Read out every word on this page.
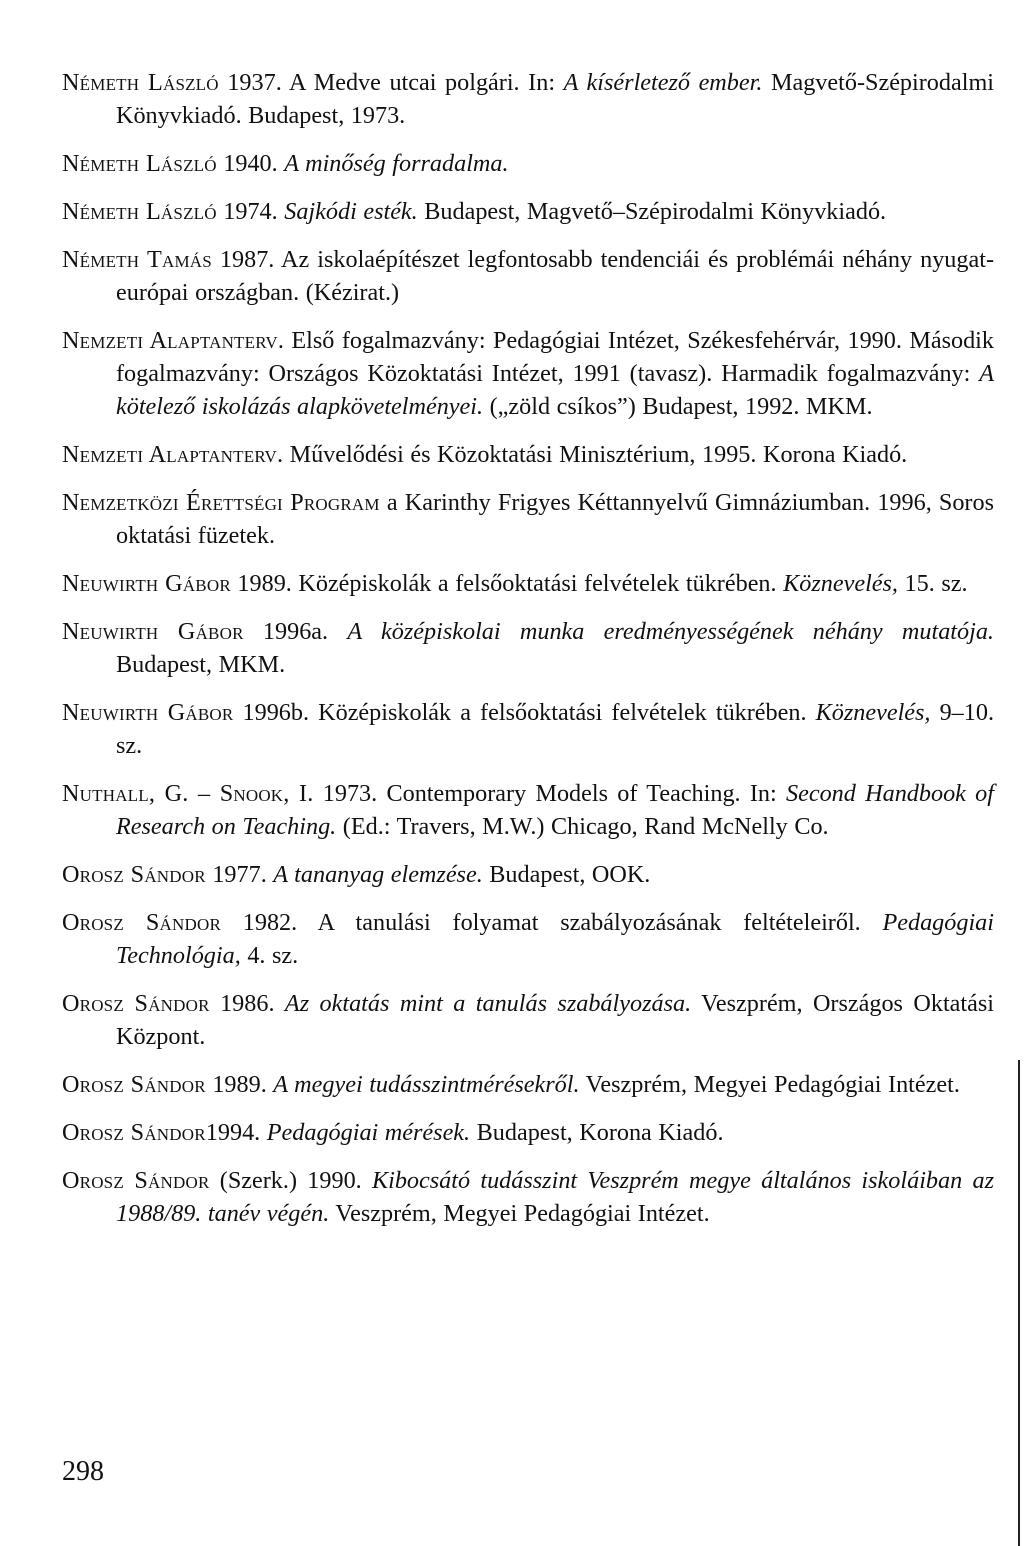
Németh László 1937. A Medve utcai polgári. In: A kísérletező ember. Magvető-Szépirodalmi Könyvkiadó. Budapest, 1973.

Németh László 1940. A minőség forradalma.

Németh László 1974. Sajkódi esték. Budapest, Magvető–Szépirodalmi Könyvkiadó.

Németh Tamás 1987. Az iskolaépítészet legfontosabb tendenciái és problémái néhány nyugat-európai országban. (Kézirat.)

Nemzeti Alaptanterv. Első fogalmazvány: Pedagógiai Intézet, Székesfehérvár, 1990. Második fogalmazvány: Országos Közoktatási Intézet, 1991 (tavasz). Harmadik fogalmazvány: A kötelező iskolázás alapkövetelményei. („zöld csíkos”) Budapest, 1992. MKM.

Nemzeti Alaptanterv. Művelődési és Közoktatási Minisztérium, 1995. Korona Kiadó.

Nemzetközi Érettségi Program a Karinthy Frigyes Kéttannyelvű Gimnáziumban. 1996, Soros oktatási füzetek.

Neuwirth Gábor 1989. Középiskolák a felsőoktatási felvételek tükrében. Köznevelés, 15. sz.

Neuwirth Gábor 1996a. A középiskolai munka eredményességének néhány mutatója. Budapest, MKM.

Neuwirth Gábor 1996b. Középiskolák a felsőoktatási felvételek tükrében. Köznevelés, 9–10. sz.

Nuthall, G. – Snook, I. 1973. Contemporary Models of Teaching. In: Second Handbook of Research on Teaching. (Ed.: Travers, M.W.) Chicago, Rand McNelly Co.

Orosz Sándor 1977. A tananyag elemzése. Budapest, OOK.

Orosz Sándor 1982. A tanulási folyamat szabályozásának feltételeiről. Pedagógiai Technológia, 4. sz.

Orosz Sándor 1986. Az oktatás mint a tanulás szabályozása. Veszprém, Országos Oktatási Központ.

Orosz Sándor 1989. A megyei tudásszintmérésekről. Veszprém, Megyei Pedagógiai Intézet.

Orosz Sándor1994. Pedagógiai mérések. Budapest, Korona Kiadó.

Orosz Sándor (Szerk.) 1990. Kibocsátó tudásszint Veszprém megye általános iskoláiban az 1988/89. tanév végén. Veszprém, Megyei Pedagógiai Intézet.

298
